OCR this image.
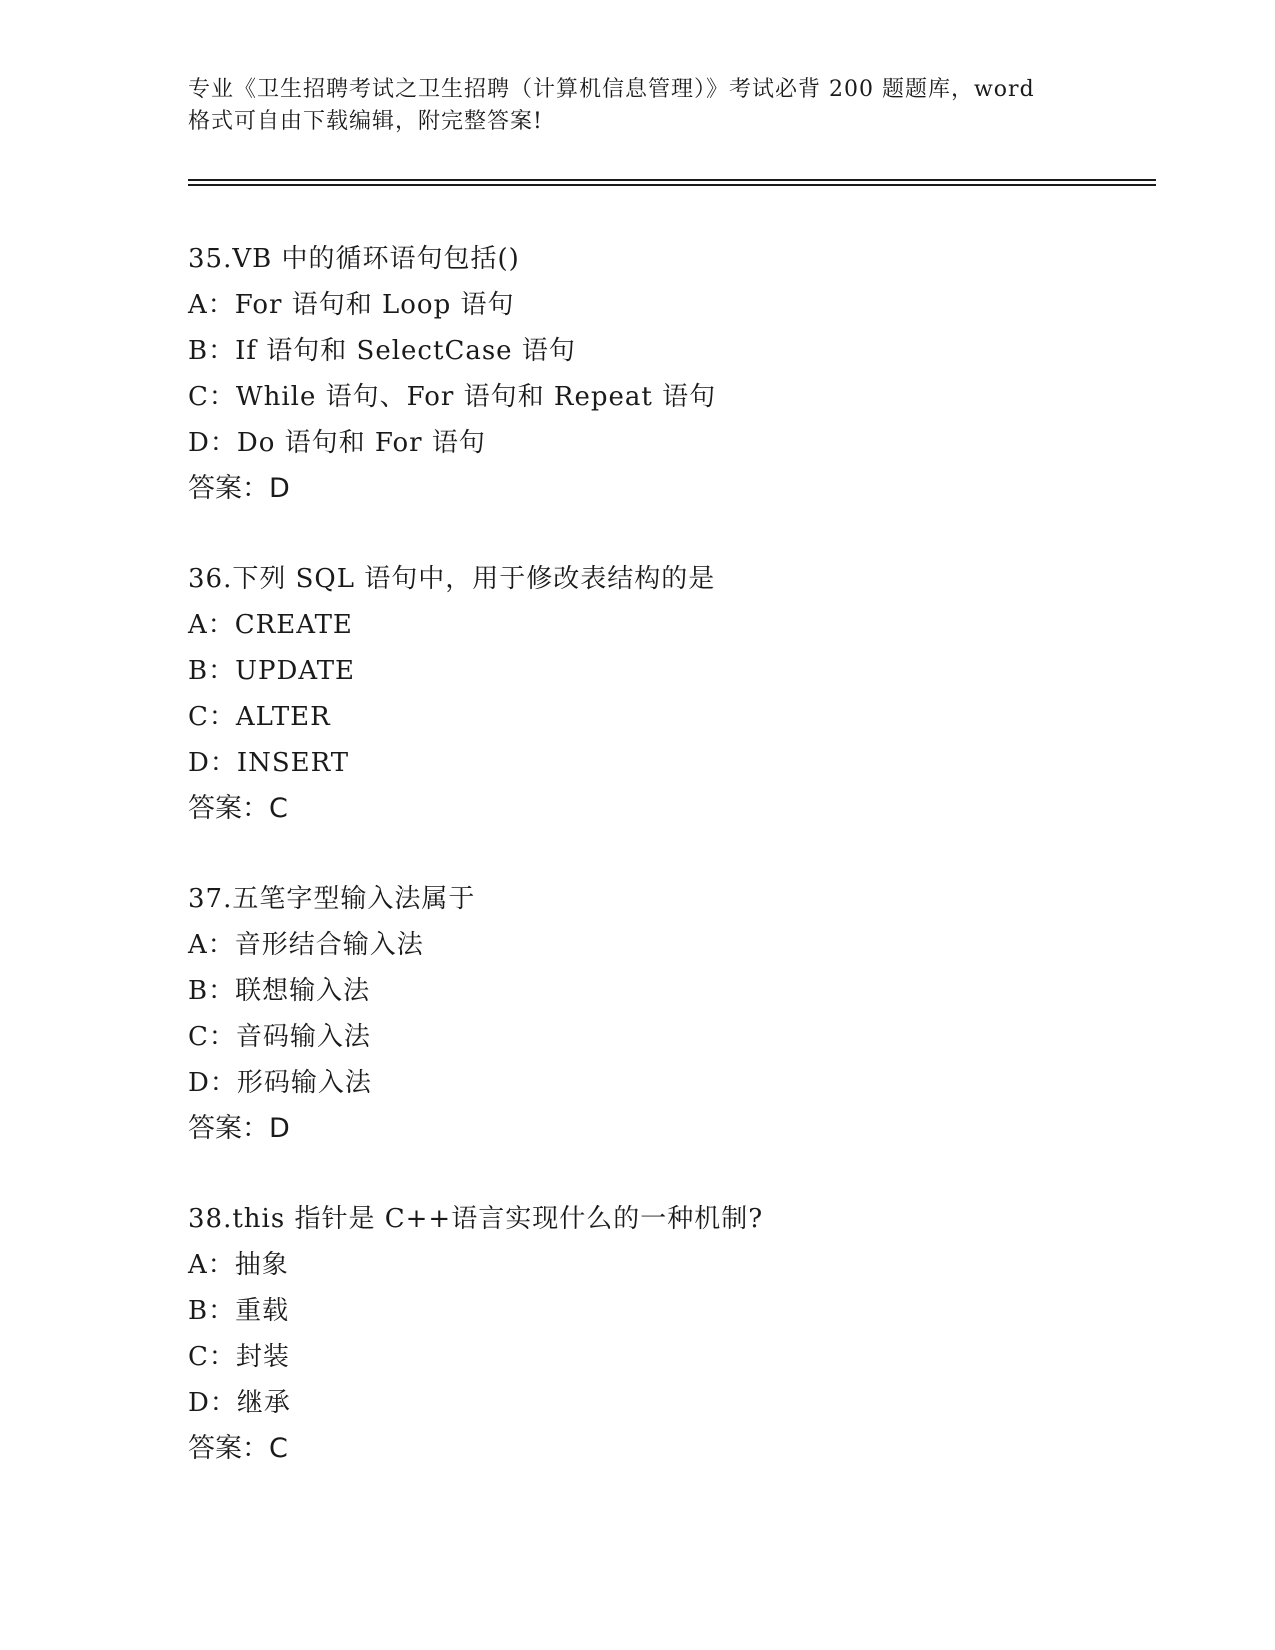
专业《卫生招聘考试之卫生招聘（计算机信息管理）》考试必背 200 题题库，word
格式可自由下载编辑，附完整答案!
35.VB 中的循环语句包括()
A：For 语句和 Loop 语句
B：If 语句和 SelectCase 语句
C：While 语句、For 语句和 Repeat 语句
D：Do 语句和 For 语句
答案：D
36.下列 SQL 语句中，用于修改表结构的是
A：CREATE
B：UPDATE
C：ALTER
D：INSERT
答案：C
37.五笔字型输入法属于
A：音形结合输入法
B：联想输入法
C：音码输入法
D：形码输入法
答案：D
38.this 指针是 C++语言实现什么的一种机制?
A：抽象
B：重载
C：封装
D：继承
答案：C
